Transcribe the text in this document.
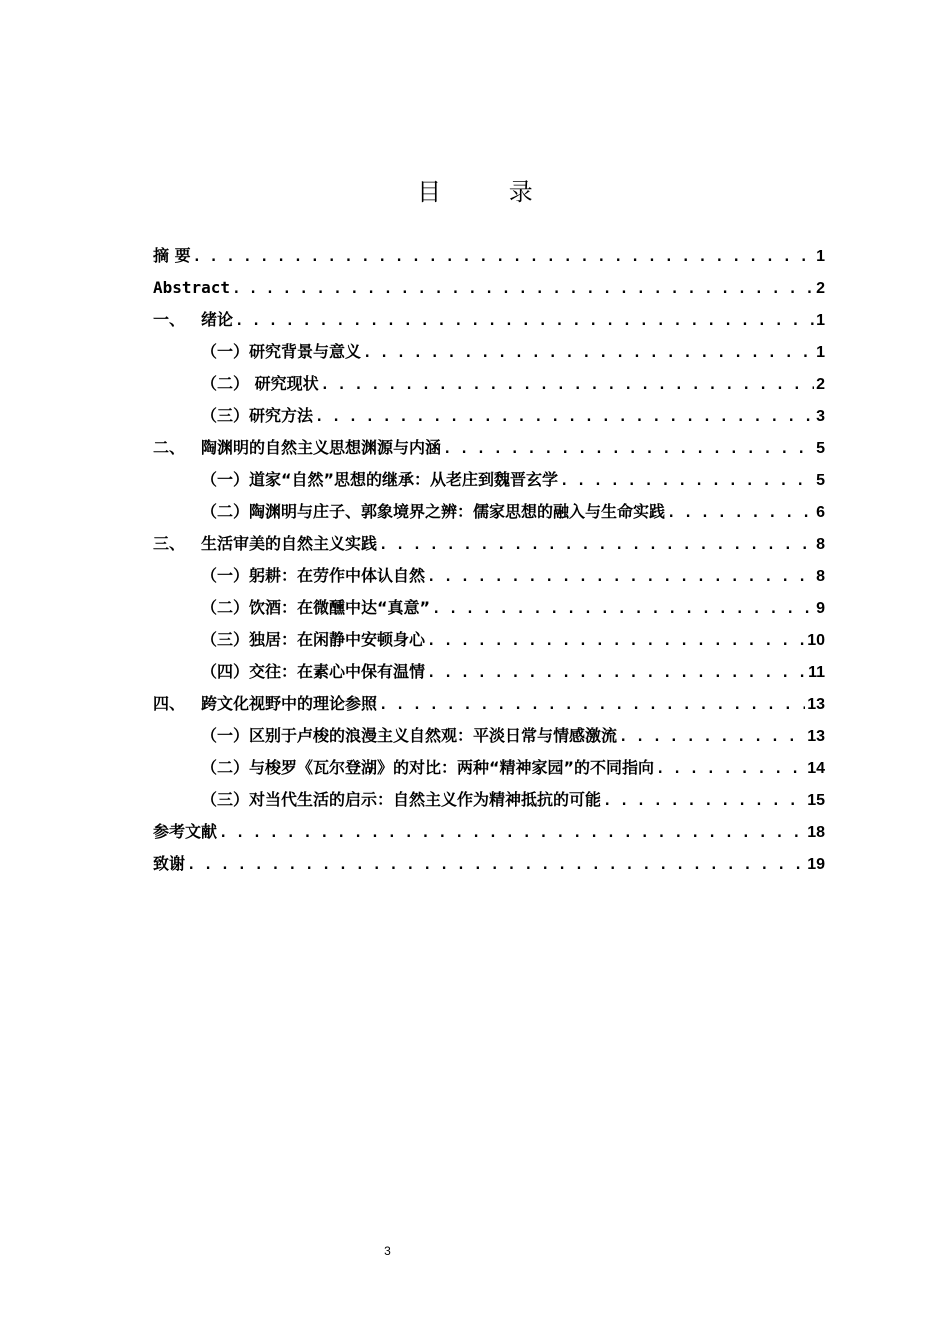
目 录
摘 要 . . .	1
Abstract . . .	2
一、 绪论 . . .	1
（一）研究背景与意义 . . .	1
（二） 研究现状 . . .	2
（三）研究方法 . . .	3
二、 陶渊明的自然主义思想渊源与内涵 . . .	5
（一）道家“自然”思想的继承：从老庄到魏晋玄学 . . .	5
（二）陶渊明与庄子、郭象境界之辨：儒家思想的融入与生命实践 . . .	6
三、 生活审美的自然主义实践 . . .	8
（一）躬耕：在劳作中体认自然 . . .	8
（二）饮酒：在微醺中达“真意” . . .	9
（三）独居：在闲静中安顿身心 . . .	10
（四）交往：在素心中保有温情 . . .	11
四、 跨文化视野中的理论参照 . . .	13
（一）区别于卢梭的浪漫主义自然观：平淡日常与情感激流 . . .	13
（二）与梭罗《瓦尔登湖》的对比：两种“精神家园”的不同指向 . . .	14
（三）对当代生活的启示：自然主义作为精神抵抗的可能 . . .	15
参考文献 . . .	18
致谢 . . .	19
3
